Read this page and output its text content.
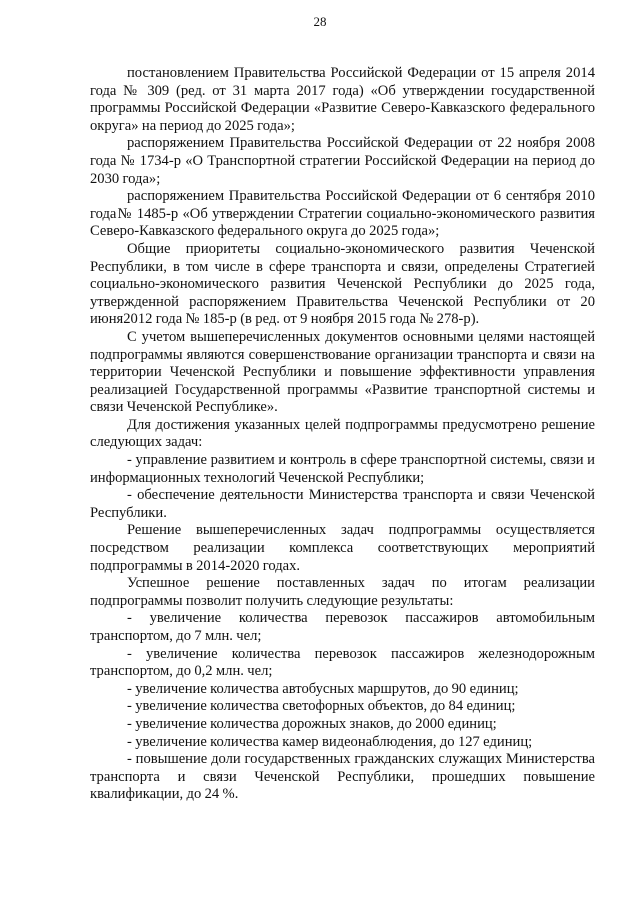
28

постановлением Правительства Российской Федерации от 15 апреля 2014 года № 309 (ред. от 31 марта 2017 года) «Об утверждении государственной программы Российской Федерации «Развитие Северо-Кавказского федерального округа» на период до 2025 года»;

распоряжением Правительства Российской Федерации от 22 ноября 2008 года № 1734-р «О Транспортной стратегии Российской Федерации на период до 2030 года»;

распоряжением Правительства Российской Федерации от 6 сентября 2010 года№ 1485-р «Об утверждении Стратегии социально-экономического развития Северо-Кавказского федерального округа до 2025 года»;

Общие приоритеты социально-экономического развития Чеченской Республики, в том числе в сфере транспорта и связи, определены Стратегией социально-экономического развития Чеченской Республики до 2025 года, утвержденной распоряжением Правительства Чеченской Республики от 20 июня2012 года № 185-р (в ред. от 9 ноября 2015 года № 278-р).

С учетом вышеперечисленных документов основными целями настоящей подпрограммы являются совершенствование организации транспорта и связи на территории Чеченской Республики и повышение эффективности управления реализацией Государственной программы «Развитие транспортной системы и связи Чеченской Республике».

Для достижения указанных целей подпрограммы предусмотрено решение следующих задач:

- управление развитием и контроль в сфере транспортной системы, связи и информационных технологий Чеченской Республики;

- обеспечение деятельности Министерства транспорта и связи Чеченской Республики.

Решение вышеперечисленных задач подпрограммы осуществляется посредством реализации комплекса соответствующих мероприятий подпрограммы в 2014-2020 годах.

Успешное решение поставленных задач по итогам реализации подпрограммы позволит получить следующие результаты:

- увеличение количества перевозок пассажиров автомобильным транспортом, до 7 млн. чел;

- увеличение количества перевозок пассажиров железнодорожным транспортом, до 0,2 млн. чел;

- увеличение количества автобусных маршрутов, до 90 единиц;

- увеличение количества светофорных объектов, до 84 единиц;

- увеличение количества дорожных знаков, до 2000 единиц;

- увеличение количества камер видеонаблюдения, до 127 единиц;

- повышение доли государственных гражданских служащих Министерства транспорта и связи Чеченской Республики, прошедших повышение квалификации, до 24 %.
